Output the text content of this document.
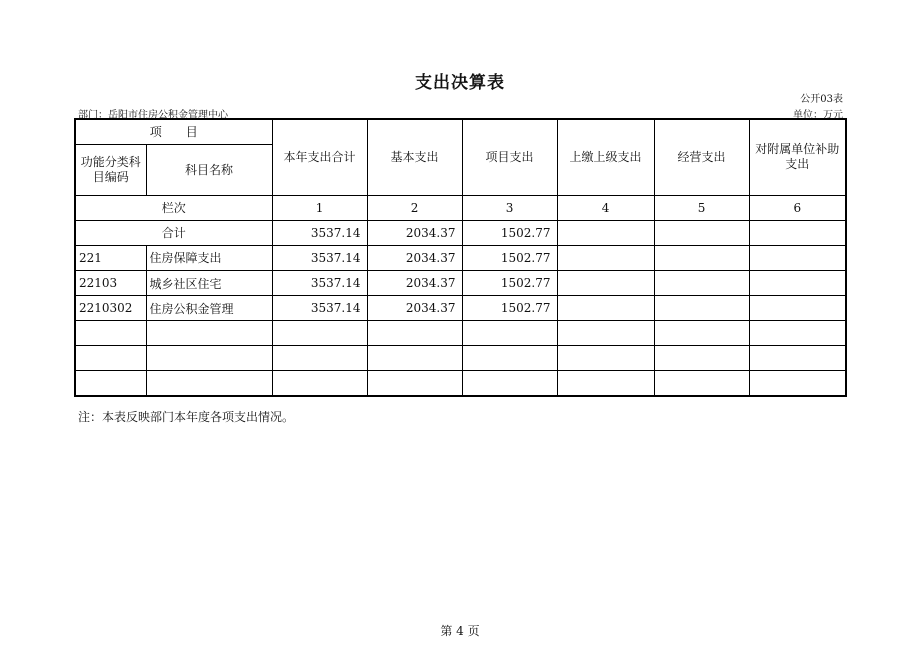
支出决算表
公开03表
部门：岳阳市住房公积金管理中心	单位：万元
项　　目		本年支出合计	基本支出	项目支出	上缴上级支出	经营支出	对附属单位补助支出
功能分类科目编码	科目名称						
栏次		1	2	3	4	5	6
合计		3537.14	2034.37	1502.77			
221	住房保障支出	3537.14	2034.37	1502.77			
22103	城乡社区住宅	3537.14	2034.37	1502.77			
2210302	住房公积金管理	3537.14	2034.37	1502.77			

注：本表反映部门本年度各项支出情况。
第 4 页
